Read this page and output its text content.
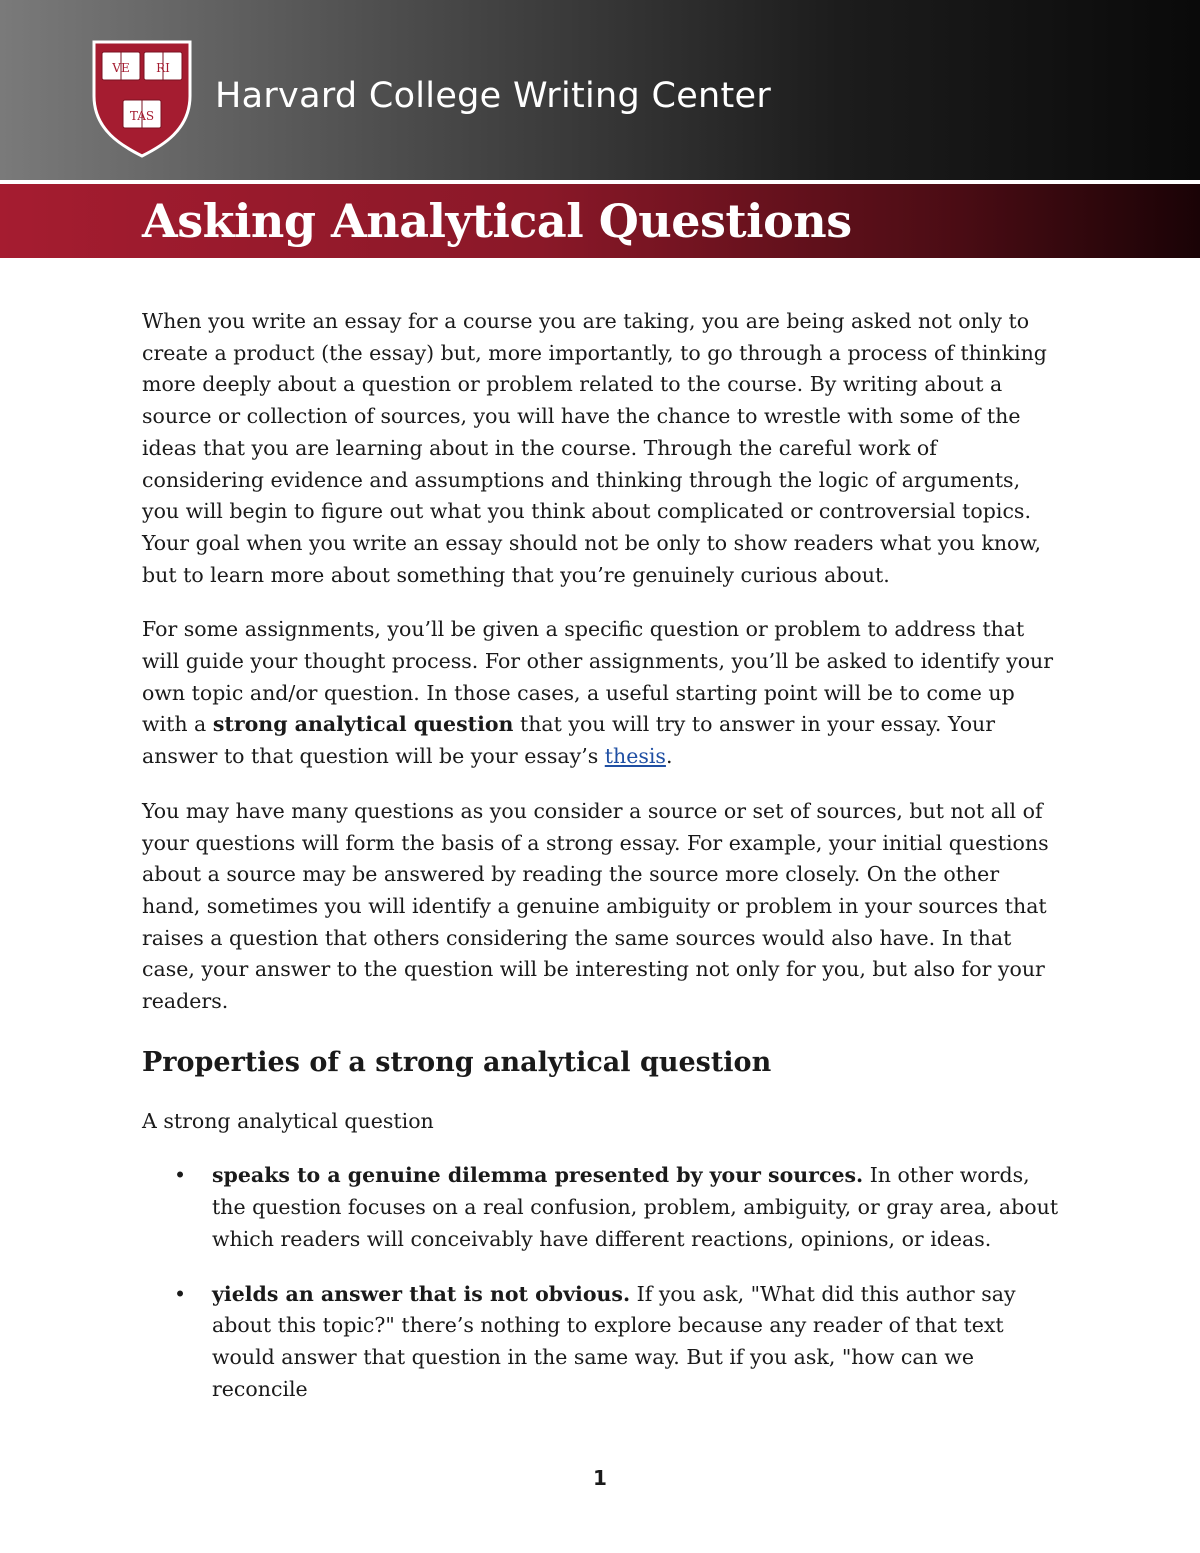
VE RI
TAS Harvard College Writing Center
Asking Analytical Questions

When you write an essay for a course you are taking, you are being asked not only to create a product (the essay) but, more importantly, to go through a process of thinking more deeply about a question or problem related to the course. By writing about a source or collection of sources, you will have the chance to wrestle with some of the ideas that you are learning about in the course. Through the careful work of considering evidence and assumptions and thinking through the logic of arguments, you will begin to figure out what you think about complicated or controversial topics. Your goal when you write an essay should not be only to show readers what you know, but to learn more about something that you’re genuinely curious about.

For some assignments, you’ll be given a specific question or problem to address that will guide your thought process. For other assignments, you’ll be asked to identify your own topic and/or question. In those cases, a useful starting point will be to come up with a strong analytical question that you will try to answer in your essay. Your answer to that question will be your essay’s thesis.

You may have many questions as you consider a source or set of sources, but not all of your questions will form the basis of a strong essay. For example, your initial questions about a source may be answered by reading the source more closely. On the other hand, sometimes you will identify a genuine ambiguity or problem in your sources that raises a question that others considering the same sources would also have. In that case, your answer to the question will be interesting not only for you, but also for your readers.

Properties of a strong analytical question

A strong analytical question

• speaks to a genuine dilemma presented by your sources. In other words, the question focuses on a real confusion, problem, ambiguity, or gray area, about which readers will conceivably have different reactions, opinions, or ideas.
• yields an answer that is not obvious. If you ask, "What did this author say about this topic?" there’s nothing to explore because any reader of that text would answer that question in the same way. But if you ask, "how can we reconcile
1
